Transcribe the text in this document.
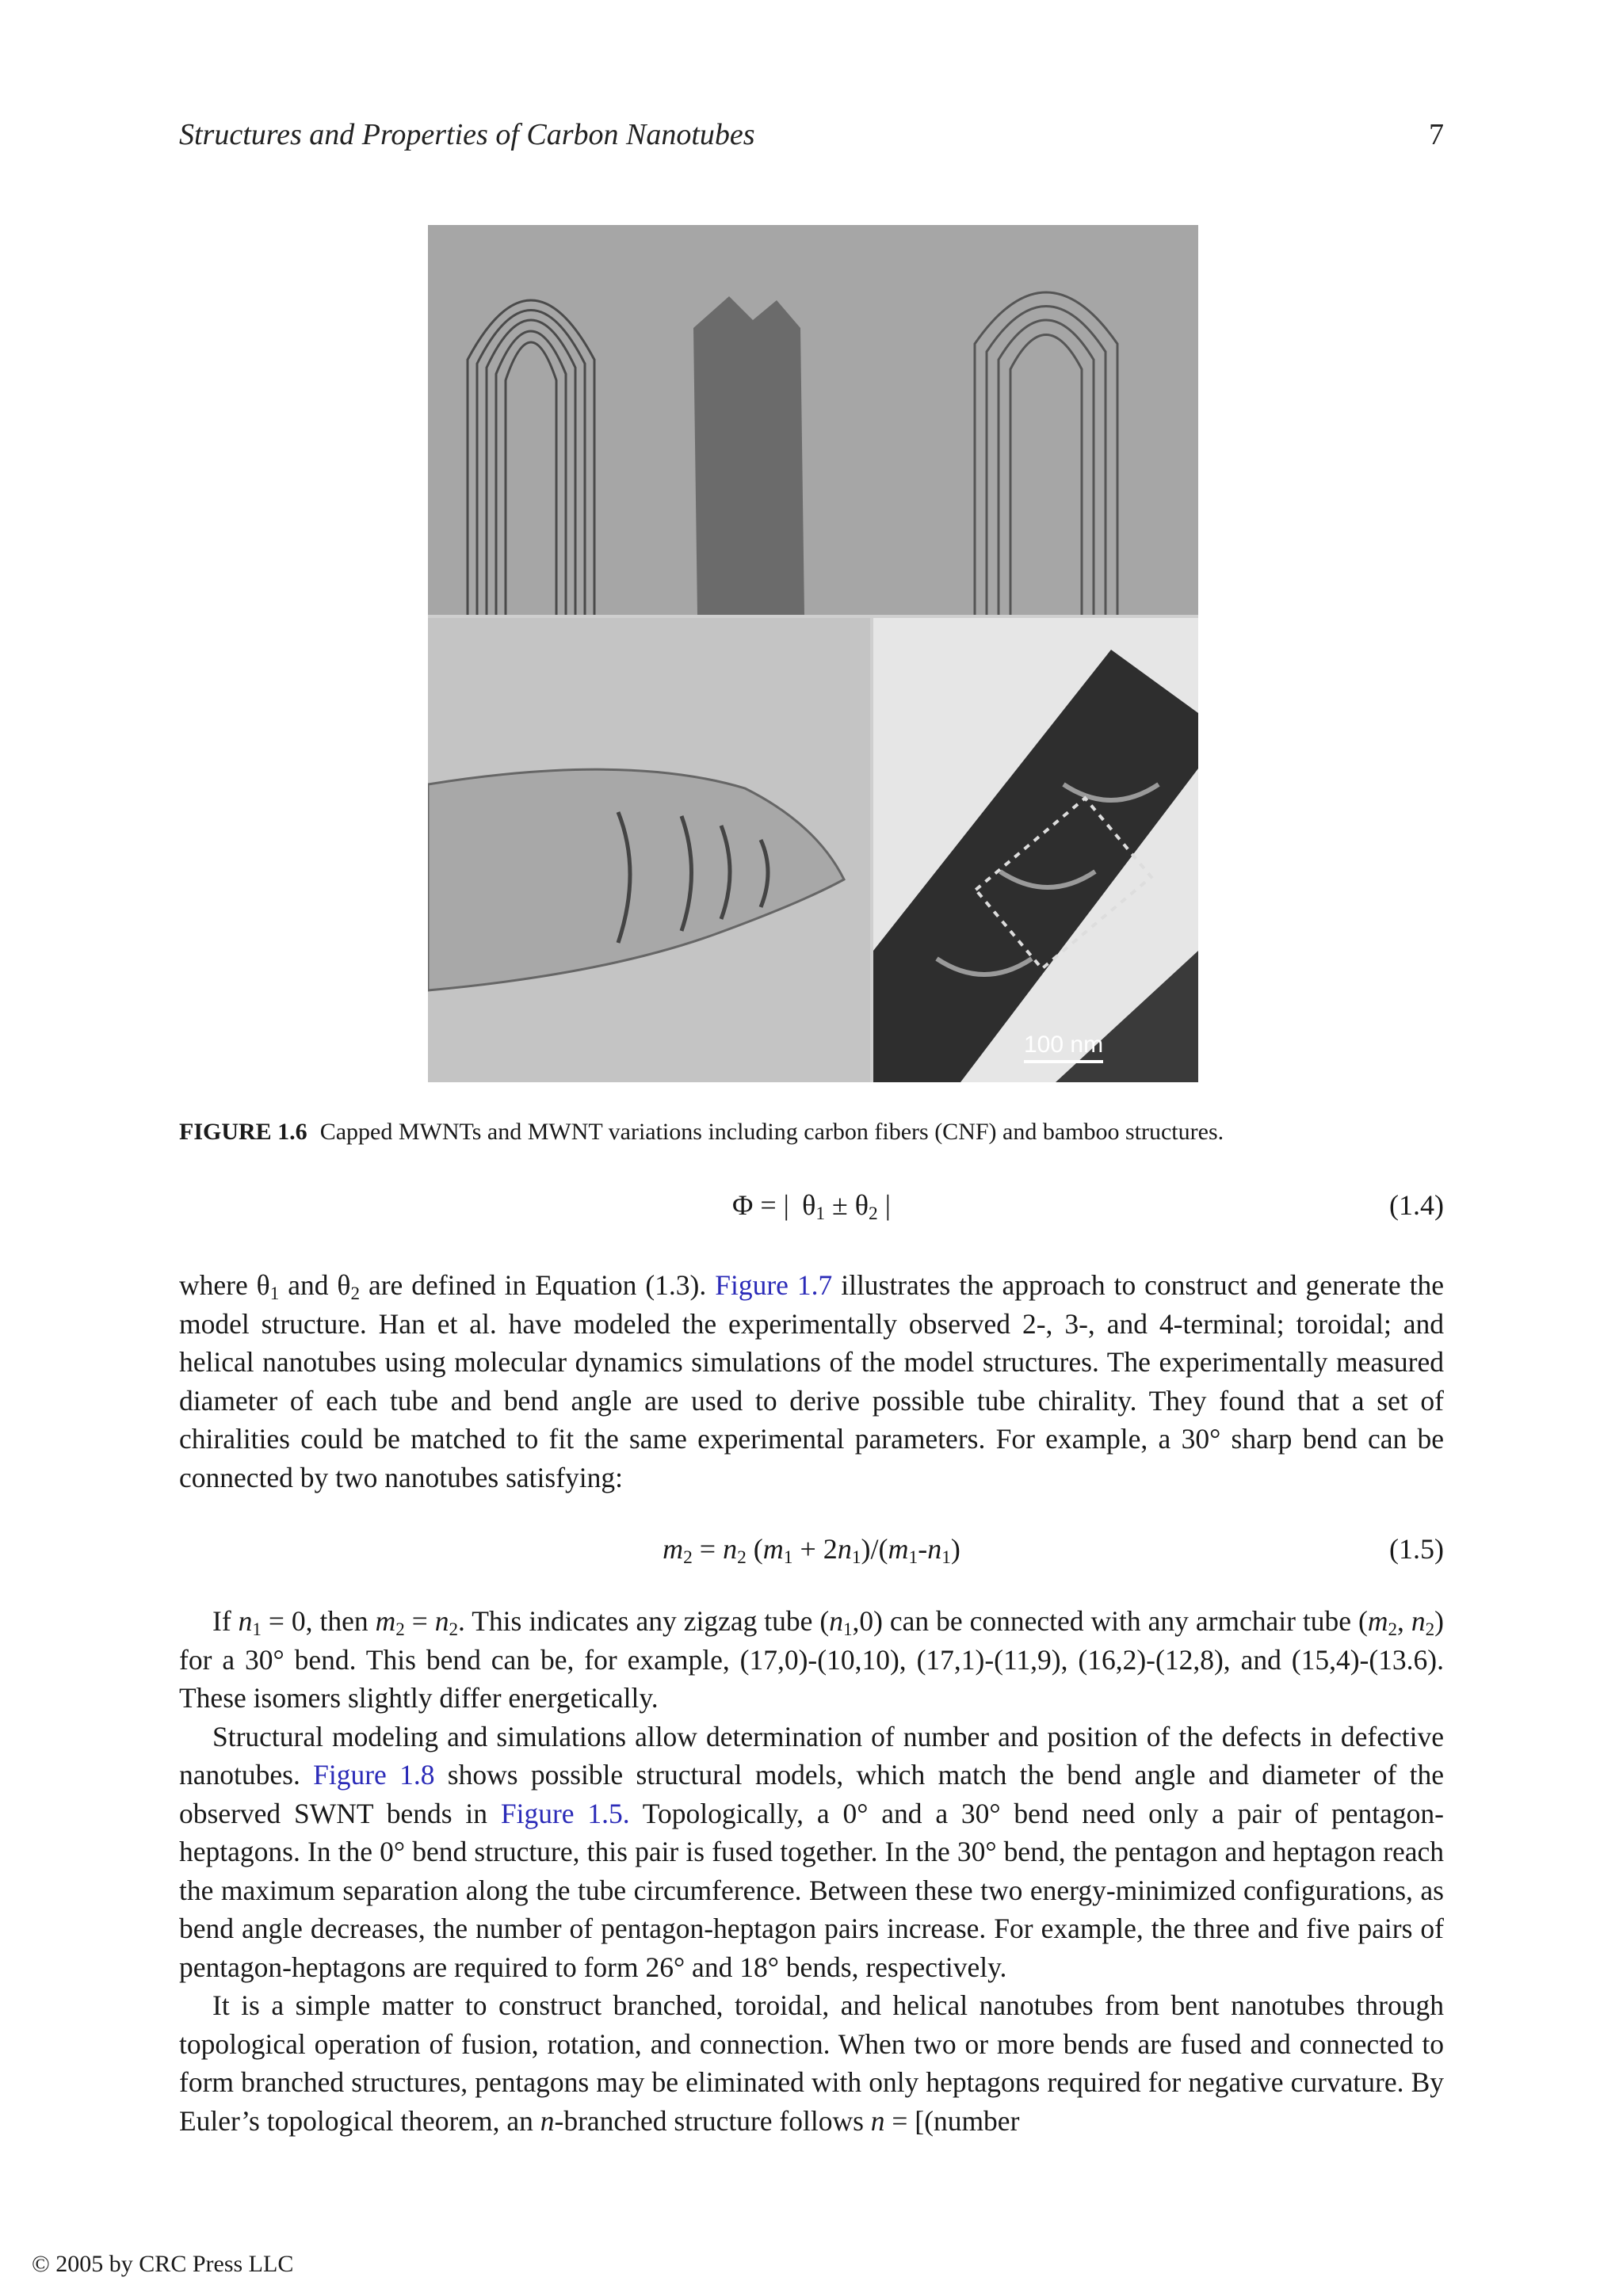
Structures and Properties of Carbon Nanotubes	7
100 nm
FIGURE 1.6 Capped MWNTs and MWNT variations including carbon fibers (CNF) and bamboo structures.
Φ = |  $\theta_1 \pm \theta_2$ |	(1.4)

where $\theta_1$ and $\theta_2$ are defined in Equation (1.3). Figure 1.7 illustrates the approach to construct and generate the model structure. Han et al. have modeled the experimentally observed 2-, 3-, and 4-terminal; toroidal; and helical nanotubes using molecular dynamics simulations of the model structures. The experimentally measured diameter of each tube and bend angle are used to derive possible tube chirality. They found that a set of chiralities could be matched to fit the same experimental parameters. For example, a 30° sharp bend can be connected by two nanotubes satisfying:

$m_2 = n_2$ $(m_1 + 2n_1)/(m_1-n_1)$	(1.5)

If $n_1 = 0$, then $m_2 = n_2$. This indicates any zigzag tube $(n_1,0)$ can be connected with any armchair tube ($m_2$, $n_2$) for a 30° bend. This bend can be, for example, (17,0)-(10,10), (17,1)-(11,9), (16,2)-(12,8), and (15,4)-(13.6). These isomers slightly differ energetically.

Structural modeling and simulations allow determination of number and position of the defects in defective nanotubes. Figure 1.8 shows possible structural models, which match the bend angle and diameter of the observed SWNT bends in Figure 1.5. Topologically, a 0° and a 30° bend need only a pair of pentagon-heptagons. In the 0° bend structure, this pair is fused together. In the 30° bend, the pentagon and heptagon reach the maximum separation along the tube circumference. Between these two energy-minimized configurations, as bend angle decreases, the number of pentagon-heptagon pairs increase. For example, the three and five pairs of pentagon-heptagons are required to form 26° and 18° bends, respectively.

It is a simple matter to construct branched, toroidal, and helical nanotubes from bent nanotubes through topological operation of fusion, rotation, and connection. When two or more bends are fused and connected to form branched structures, pentagons may be eliminated with only heptagons required for negative curvature. By Euler’s topological theorem, an n-branched structure follows n = [(number

© 2005 by CRC Press LLC
